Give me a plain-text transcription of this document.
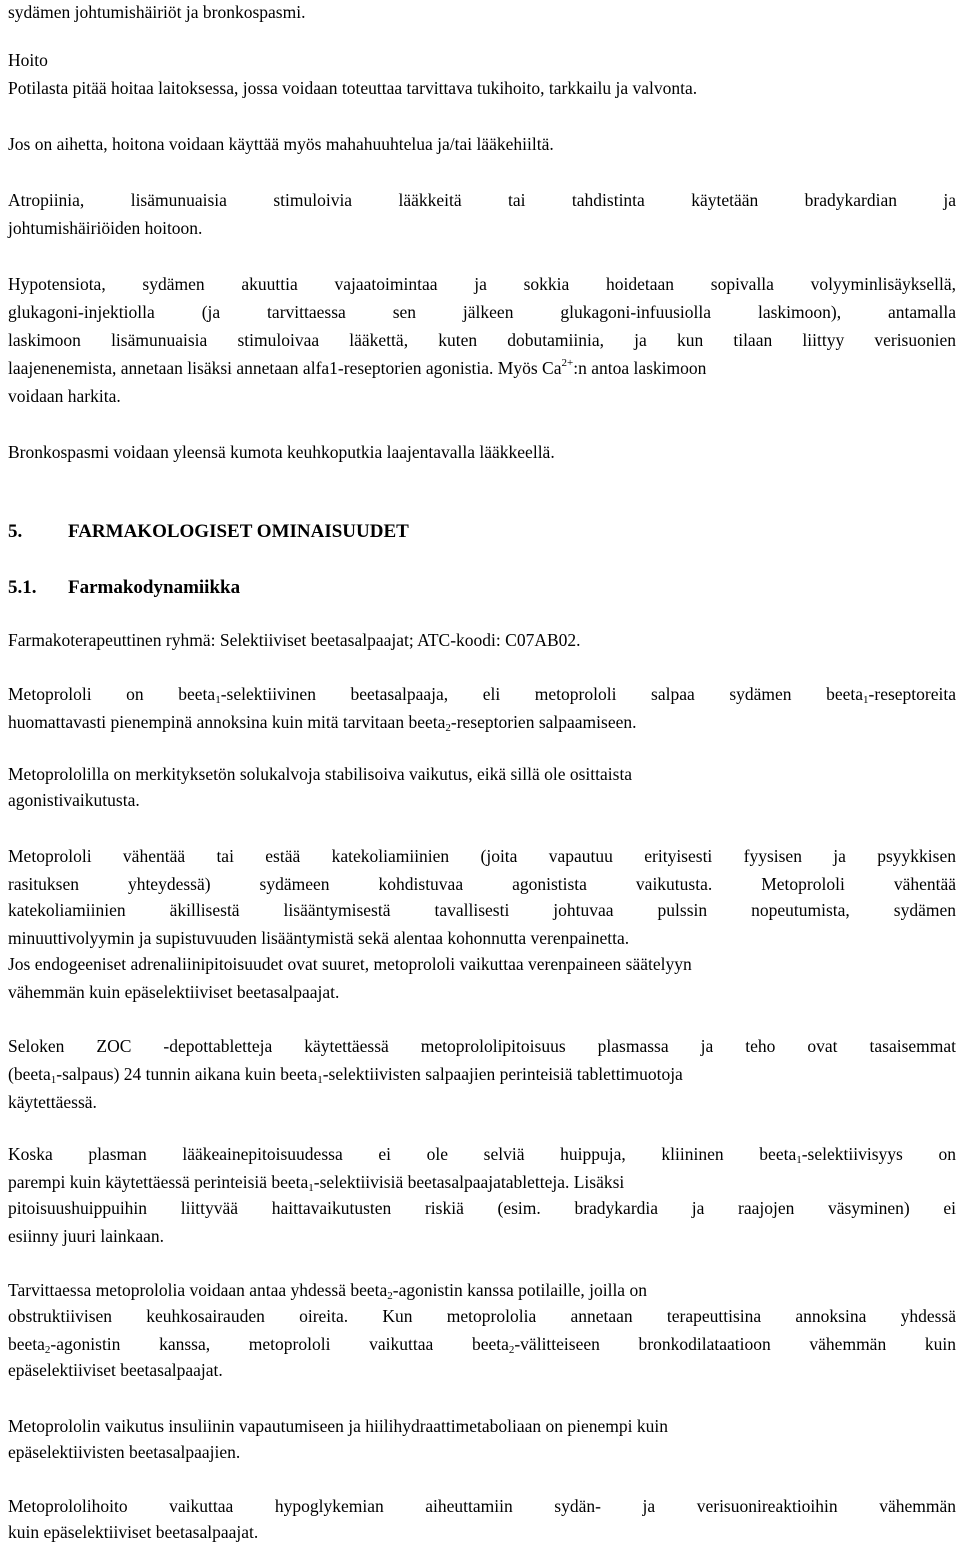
sydämen johtumishäiriöt ja bronkospasmi.
Hoito
Potilasta pitää hoitaa laitoksessa, jossa voidaan toteuttaa tarvittava tukihoito, tarkkailu ja valvonta.
Jos on aihetta, hoitona voidaan käyttää myös mahahuuhtelua ja/tai lääkehiiltä.
Atropiinia, lisämunuaisia stimuloivia lääkkeitä tai tahdistinta käytetään bradykardian ja
johtumishäiriöiden hoitoon.
Hypotensiota, sydämen akuuttia vajaatoimintaa ja sokkia hoidetaan sopivalla volyyminlisäyksellä,
glukagoni-injektiolla (ja tarvittaessa sen jälkeen glukagoni-infuusiolla laskimoon), antamalla
laskimoon lisämunuaisia stimuloivaa lääkettä, kuten dobutamiinia, ja kun tilaan liittyy verisuonien
laajenenemista, annetaan lisäksi annetaan alfa1-reseptorien agonistia. Myös $Ca^{2+}:n$ antoa laskimoon
voidaan harkita.
Bronkospasmi voidaan yleensä kumota keuhkoputkia laajentavalla lääkkeellä.
5. FARMAKOLOGISET OMINAISUUDET
5.1. Farmakodynamiikka
Farmakoterapeuttinen ryhmä: Selektiiviset beetasalpaajat; ATC-koodi: C07AB02.
Metoprololi on beeta$_1$-selektiivinen beetasalpaaja, eli metoprololi salpaa sydämen beeta$_1$-reseptoreita
huomattavasti pienempinä annoksina kuin mitä tarvitaan beeta$_2$-reseptorien salpaamiseen.
Metoprololilla on merkityksetön solukalvoja stabilisoiva vaikutus, eikä sillä ole osittaista
agonistivaikutusta.
Metoprololi vähentää tai estää katekoliamiinien (joita vapautuu erityisesti fyysisen ja psyykkisen
rasituksen yhteydessä) sydämeen kohdistuvaa agonistista vaikutusta. Metoprololi vähentää
katekoliamiinien äkillisestä lisääntymisestä tavallisesti johtuvaa pulssin nopeutumista, sydämen
minuuttivolyymin ja supistuvuuden lisääntymistä sekä alentaa kohonnutta verenpainetta.
Jos endogeeniset adrenaliinipitoisuudet ovat suuret, metoprololi vaikuttaa verenpaineen säätelyyn
vähemmän kuin epäselektiiviset beetasalpaajat.
Seloken ZOC -depottabletteja käytettäessä metoprololipitoisuus plasmassa ja teho ovat tasaisemmat
(beeta$_1$-salpaus) 24 tunnin aikana kuin beeta$_1$-selektiivisten salpaajien perinteisiä tablettimuotoja
käytettäessä.
Koska plasman lääkeainepitoisuudessa ei ole selviä huippuja, kliininen beeta$_1$-selektiivisyys on
parempi kuin käytettäessä perinteisiä beeta$_1$-selektiivisiä beetasalpaajatabletteja. Lisäksi
pitoisuushuippuihin liittyvää haittavaikutusten riskiä (esim. bradykardia ja raajojen väsyminen) ei
esiinny juuri lainkaan.
Tarvittaessa metoprololia voidaan antaa yhdessä beeta$_2$-agonistin kanssa potilaille, joilla on
obstruktiivisen keuhkosairauden oireita. Kun metoprololia annetaan terapeuttisina annoksina yhdessä
beeta$_2$-agonistin kanssa, metoprololi vaikuttaa beeta$_2$-välitteiseen bronkodilataatioon vähemmän kuin
epäselektiiviset beetasalpaajat.
Metoprololin vaikutus insuliinin vapautumiseen ja hiilihydraattimetaboliaan on pienempi kuin
epäselektiivisten beetasalpaajien.
Metoprololihoito vaikuttaa hypoglykemian aiheuttamiin sydän- ja verisuonireaktioihin vähemmän
kuin epäselektiiviset beetasalpaajat.
